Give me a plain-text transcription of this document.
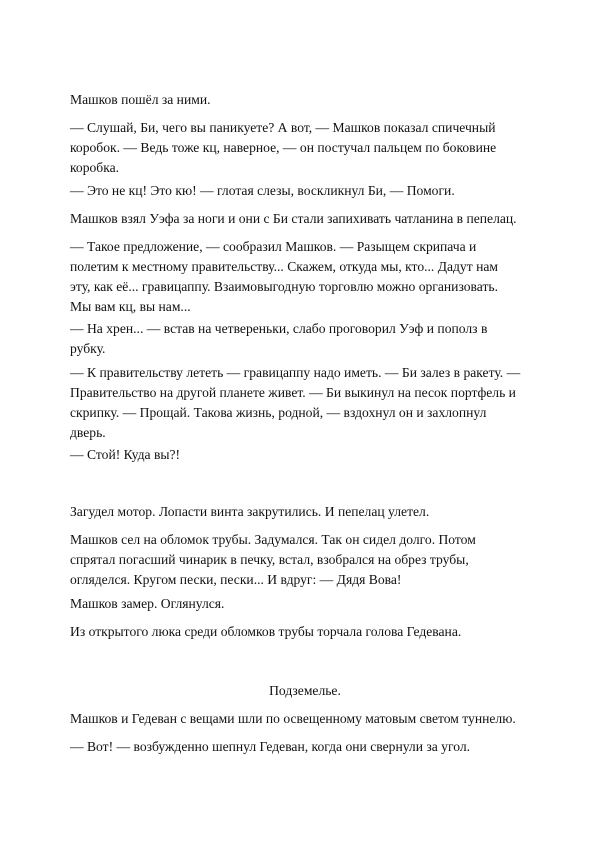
Машков пошёл за ними.

— Слушай, Би, чего вы паникуете? А вот, — Машков показал спичечный
коробок. — Ведь тоже кц, наверное, — он постучал пальцем по боковине
коробка.

— Это не кц! Это кю! — глотая слезы, воскликнул Би, — Помоги.

Машков взял Уэфа за ноги и они с Би стали запихивать чатланина в пепелац.

— Такое предложение, — сообразил Машков. — Разыщем скрипача и
полетим к местному правительству... Скажем, откуда мы, кто... Дадут нам
эту, как её... гравицаппу. Взаимовыгодную торговлю можно организовать.
Мы вам кц, вы нам...

— На хрен... — встав на четвереньки, слабо проговорил Уэф и пополз в
рубку.

— К правительству лететь — гравицаппу надо иметь. — Би залез в ракету. —
Правительство на другой планете живет. — Би выкинул на песок портфель и
скрипку. — Прощай. Такова жизнь, родной, — вздохнул он и захлопнул
дверь.

— Стой! Куда вы?!

Загудел мотор. Лопасти винта закрутились. И пепелац улетел.

Машков сел на обломок трубы. Задумался. Так он сидел долго. Потом
спрятал погасший чинарик в печку, встал, взобрался на обрез трубы,
огляделся. Кругом пески, пески... И вдруг: — Дядя Вова!

Машков замер. Оглянулся.

Из открытого люка среди обломков трубы торчала голова Гедевана.

Подземелье.

Машков и Гедеван с вещами шли по освещенному матовым светом туннелю.

— Вот! — возбужденно шепнул Гедеван, когда они свернули за угол.
